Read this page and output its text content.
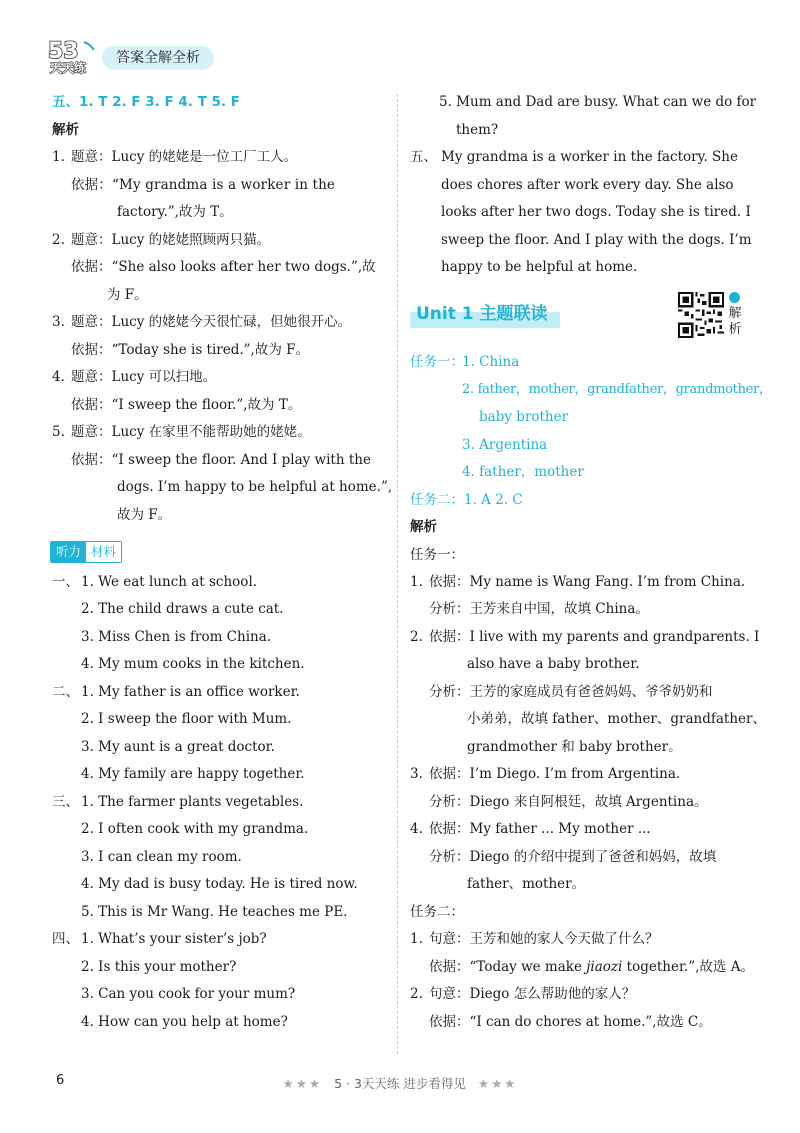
53
天天练
答案全解全析
五、1. T 2. F 3. F 4. T 5. F
解析
1. 题意：Lucy 的姥姥是一位工厂工人。
依据：“My grandma is a worker in the
factory.”,故为 T。
2. 题意：Lucy 的姥姥照顾两只猫。
依据：“She also looks after her two dogs.”,故
为 F。
3. 题意：Lucy 的姥姥今天很忙碌，但她很开心。
依据：“Today she is tired.”,故为 F。
4. 题意：Lucy 可以扫地。
依据：“I sweep the floor.”,故为 T。
5. 题意：Lucy 在家里不能帮助她的姥姥。
依据：“I sweep the floor. And I play with the
dogs. I’m happy to be helpful at home.”,
故为 F。
听力 材料
一、 1. We eat lunch at school.
2. The child draws a cute cat.
3. Miss Chen is from China.
4. My mum cooks in the kitchen.
二、 1. My father is an office worker.
2. I sweep the floor with Mum.
3. My aunt is a great doctor.
4. My family are happy together.
三、 1. The farmer plants vegetables.
2. I often cook with my grandma.
3. I can clean my room.
4. My dad is busy today. He is tired now.
5. This is Mr Wang. He teaches me PE.
四、 1. What’s your sister’s job?
2. Is this your mother?
3. Can you cook for your mum?
4. How can you help at home?
5. Mum and Dad are busy. What can we do for
them?
五、 My grandma is a worker in the factory. She
does chores after work every day. She also
looks after her two dogs. Today she is tired. I
sweep the floor. And I play with the dogs. I’m
happy to be helpful at home.
Unit 1 主题联读	解析
任务一：
1. China
2. father，mother，grandfather，grandmother，
baby brother
3. Argentina
4. father，mother
任务二：1. A 2. C
解析
任务一：
1. 依据：My name is Wang Fang. I’m from China.
分析：王芳来自中国，故填 China。
2. 依据：I live with my parents and grandparents. I
also have a baby brother.
分析：王芳的家庭成员有爸爸妈妈、爷爷奶奶和
小弟弟，故填 father、mother、grandfather、
grandmother 和 baby brother。
3. 依据：I’m Diego. I’m from Argentina.
分析：Diego 来自阿根廷，故填 Argentina。
4. 依据：My father ... My mother ...
分析：Diego 的介绍中提到了爸爸和妈妈，故填
father、mother。
任务二：
1. 句意：王芳和她的家人今天做了什么？
依据：“Today we make jiaozi together.”,故选 A。
2. 句意：Diego 怎么帮助他的家人？
依据：“I can do chores at home.”,故选 C。
6	★★★ 5 · 3天天练 进步看得见 ★★★
